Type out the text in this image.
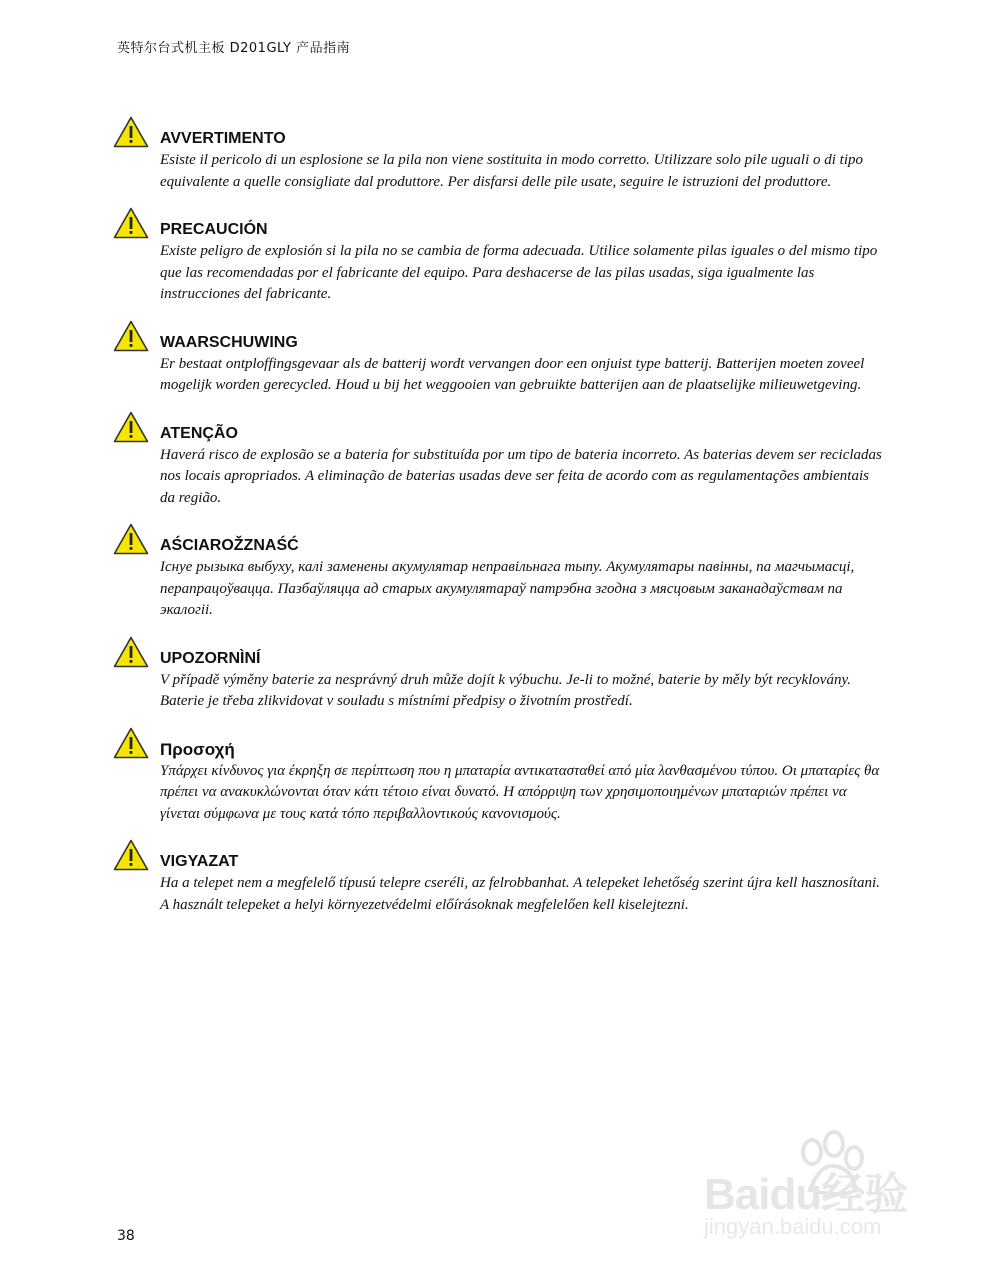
英特尔台式机主板 D201GLY 产品指南
AVVERTIMENTO
Esiste il pericolo di un esplosione se la pila non viene sostituita in modo corretto. Utilizzare solo pile uguali o di tipo equivalente a quelle consigliate dal produttore. Per disfarsi delle pile usate, seguire le istruzioni del produttore.
PRECAUCIÓN
Existe peligro de explosión si la pila no se cambia de forma adecuada. Utilice solamente pilas iguales o del mismo tipo que las recomendadas por el fabricante del equipo. Para deshacerse de las pilas usadas, siga igualmente las instrucciones del fabricante.
WAARSCHUWING
Er bestaat ontploffingsgevaar als de batterij wordt vervangen door een onjuist type batterij. Batterijen moeten zoveel mogelijk worden gerecycled. Houd u bij het weggooien van gebruikte batterijen aan de plaatselijke milieuwetgeving.
ATENÇÃO
Haverá risco de explosão se a bateria for substituída por um tipo de bateria incorreto. As baterias devem ser recicladas nos locais apropriados. A eliminação de baterias usadas deve ser feita de acordo com as regulamentações ambientais da região.
AŚCIAROŽZNAŚĆ
Існуе рызыка выбуху, калі заменены акумулятар неправільнага тыпу. Акумулятары павінны, па магчымасці, перапрацоўвацца. Пазбаўляцца ад старых акумулятараў патрэбна згодна з мясцовым заканадаўствам па экалогіі.
UPOZORNÌNÍ
V případě výměny baterie za nesprávný druh může dojít k výbuchu. Je-li to možné, baterie by měly být recyklovány. Baterie je třeba zlikvidovat v souladu s místními předpisy o životním prostředí.
Προσοχή
Υπάρχει κίνδυνος για έκρηξη σε περίπτωση που η μπαταρία αντικατασταθεί από μία λανθασμένου τύπου. Οι μπαταρίες θα πρέπει να ανακυκλώνονται όταν κάτι τέτοιο είναι δυνατό. Η απόρριψη των χρησιμοποιημένων μπαταριών πρέπει να γίνεται σύμφωνα με τους κατά τόπο περιβαλλοντικούς κανονισμούς.
VIGYAZAT
Ha a telepet nem a megfelelő típusú telepre cseréli, az felrobbanhat. A telepeket lehetőség szerint újra kell hasznosítani. A használt telepeket a helyi környezetvédelmi előírásoknak megfelelően kell kiselejtezni.
38
Baidu经验
jingyan.baidu.com
